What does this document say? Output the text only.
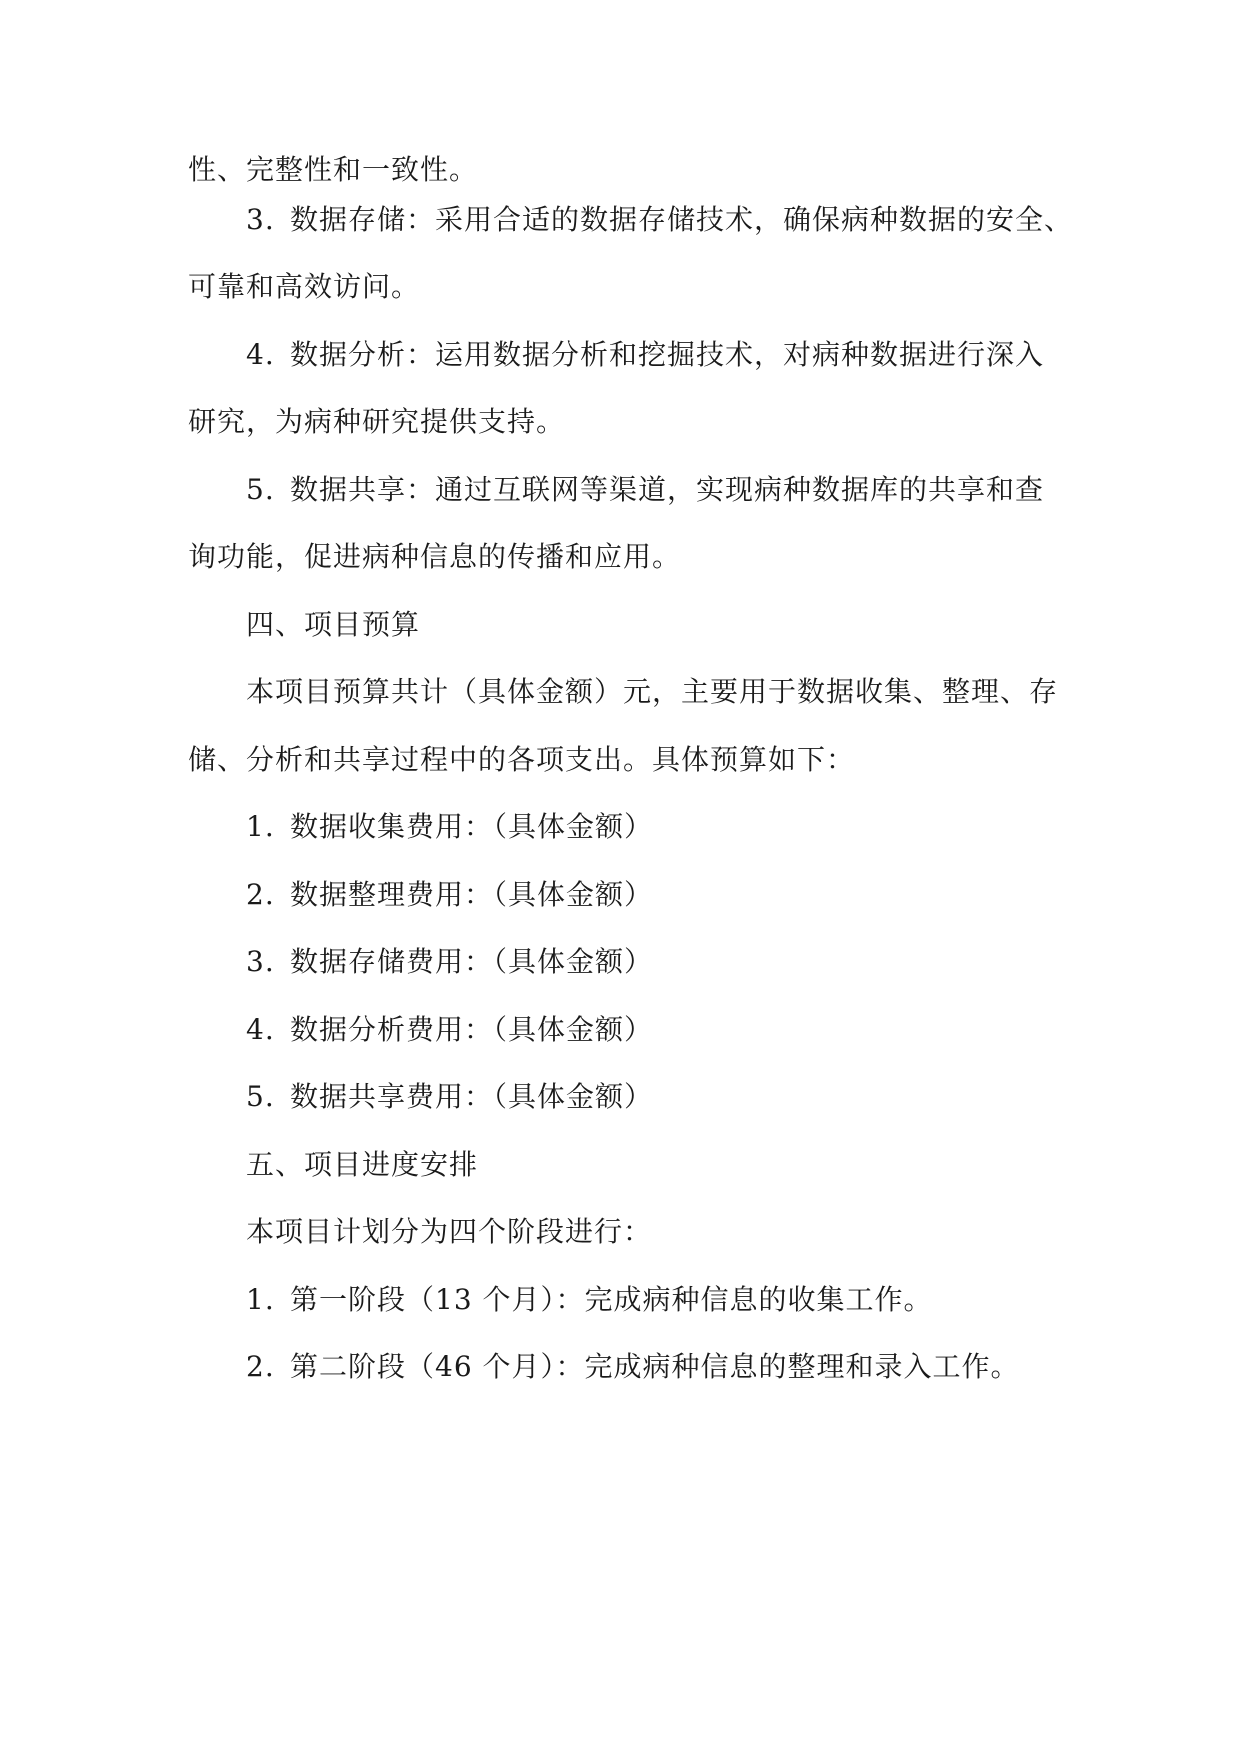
性、完整性和一致性。
3. 数据存储：采用合适的数据存储技术，确保病种数据的安全、
可靠和高效访问。
4. 数据分析：运用数据分析和挖掘技术，对病种数据进行深入
研究，为病种研究提供支持。
5. 数据共享：通过互联网等渠道，实现病种数据库的共享和查
询功能，促进病种信息的传播和应用。
四、项目预算
本项目预算共计（具体金额）元，主要用于数据收集、整理、存
储、分析和共享过程中的各项支出。具体预算如下：
1. 数据收集费用：（具体金额）
2. 数据整理费用：（具体金额）
3. 数据存储费用：（具体金额）
4. 数据分析费用：（具体金额）
5. 数据共享费用：（具体金额）
五、项目进度安排
本项目计划分为四个阶段进行：
1. 第一阶段（13 个月）：完成病种信息的收集工作。
2. 第二阶段（46 个月）：完成病种信息的整理和录入工作。
